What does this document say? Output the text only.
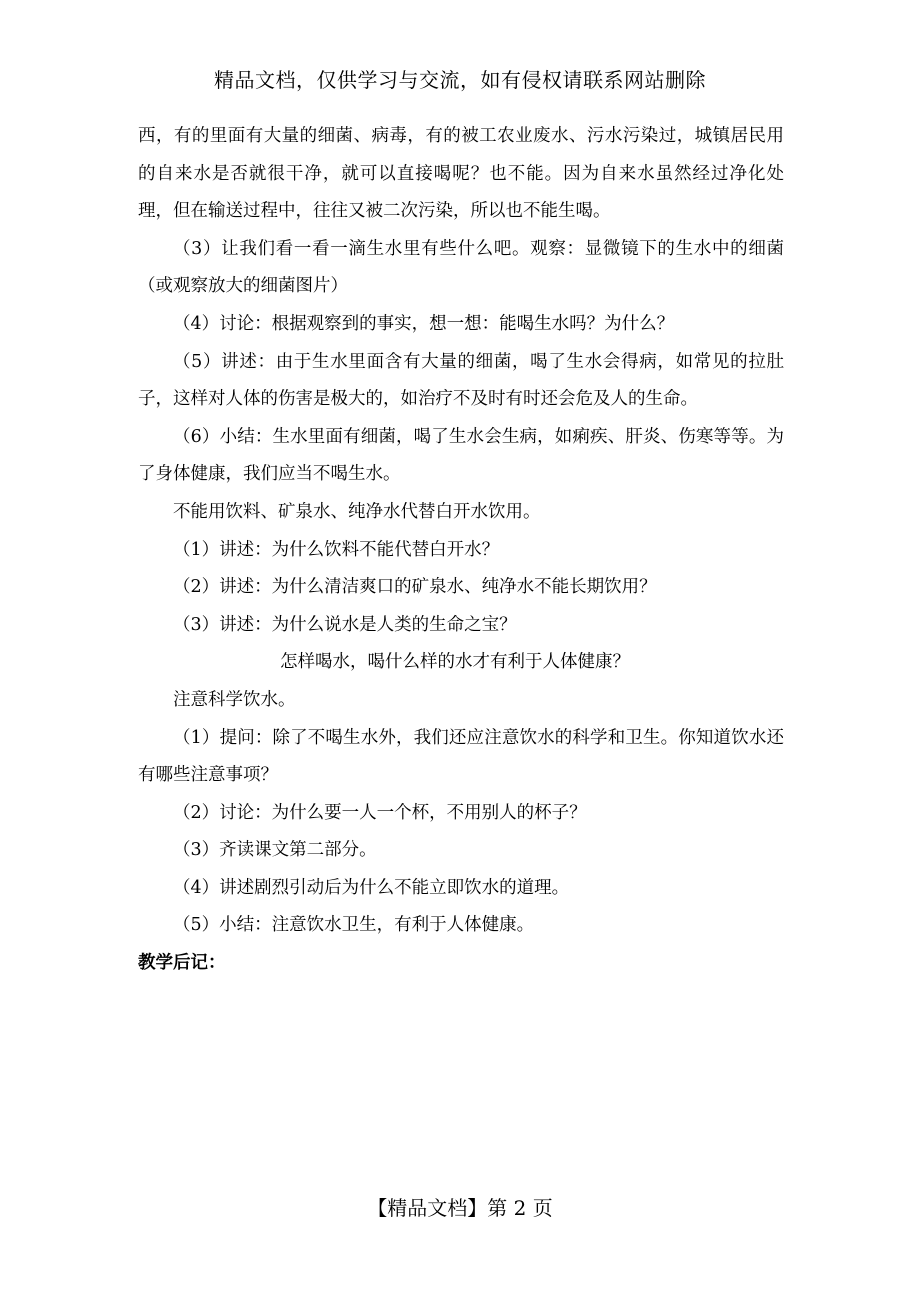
精品文档，仅供学习与交流，如有侵权请联系网站删除

西，有的里面有大量的细菌、病毒，有的被工农业废水、污水污染过，城镇居民用的自来水是否就很干净，就可以直接喝呢？也不能。因为自来水虽然经过净化处理，但在输送过程中，往往又被二次污染，所以也不能生喝。

（3）让我们看一看一滴生水里有些什么吧。观察：显微镜下的生水中的细菌（或观察放大的细菌图片）

（4）讨论：根据观察到的事实，想一想：能喝生水吗？为什么？

（5）讲述：由于生水里面含有大量的细菌，喝了生水会得病，如常见的拉肚子，这样对人体的伤害是极大的，如治疗不及时有时还会危及人的生命。

（6）小结：生水里面有细菌，喝了生水会生病，如痢疾、肝炎、伤寒等等。为了身体健康，我们应当不喝生水。

不能用饮料、矿泉水、纯净水代替白开水饮用。

（1）讲述：为什么饮料不能代替白开水？

（2）讲述：为什么清洁爽口的矿泉水、纯净水不能长期饮用？

（3）讲述：为什么说水是人类的生命之宝？

怎样喝水，喝什么样的水才有利于人体健康？

注意科学饮水。

（1）提问：除了不喝生水外，我们还应注意饮水的科学和卫生。你知道饮水还有哪些注意事项？

（2）讨论：为什么要一人一个杯，不用别人的杯子？

（3）齐读课文第二部分。

（4）讲述剧烈引动后为什么不能立即饮水的道理。

（5）小结：注意饮水卫生，有利于人体健康。

教学后记：

【精品文档】第 2 页
